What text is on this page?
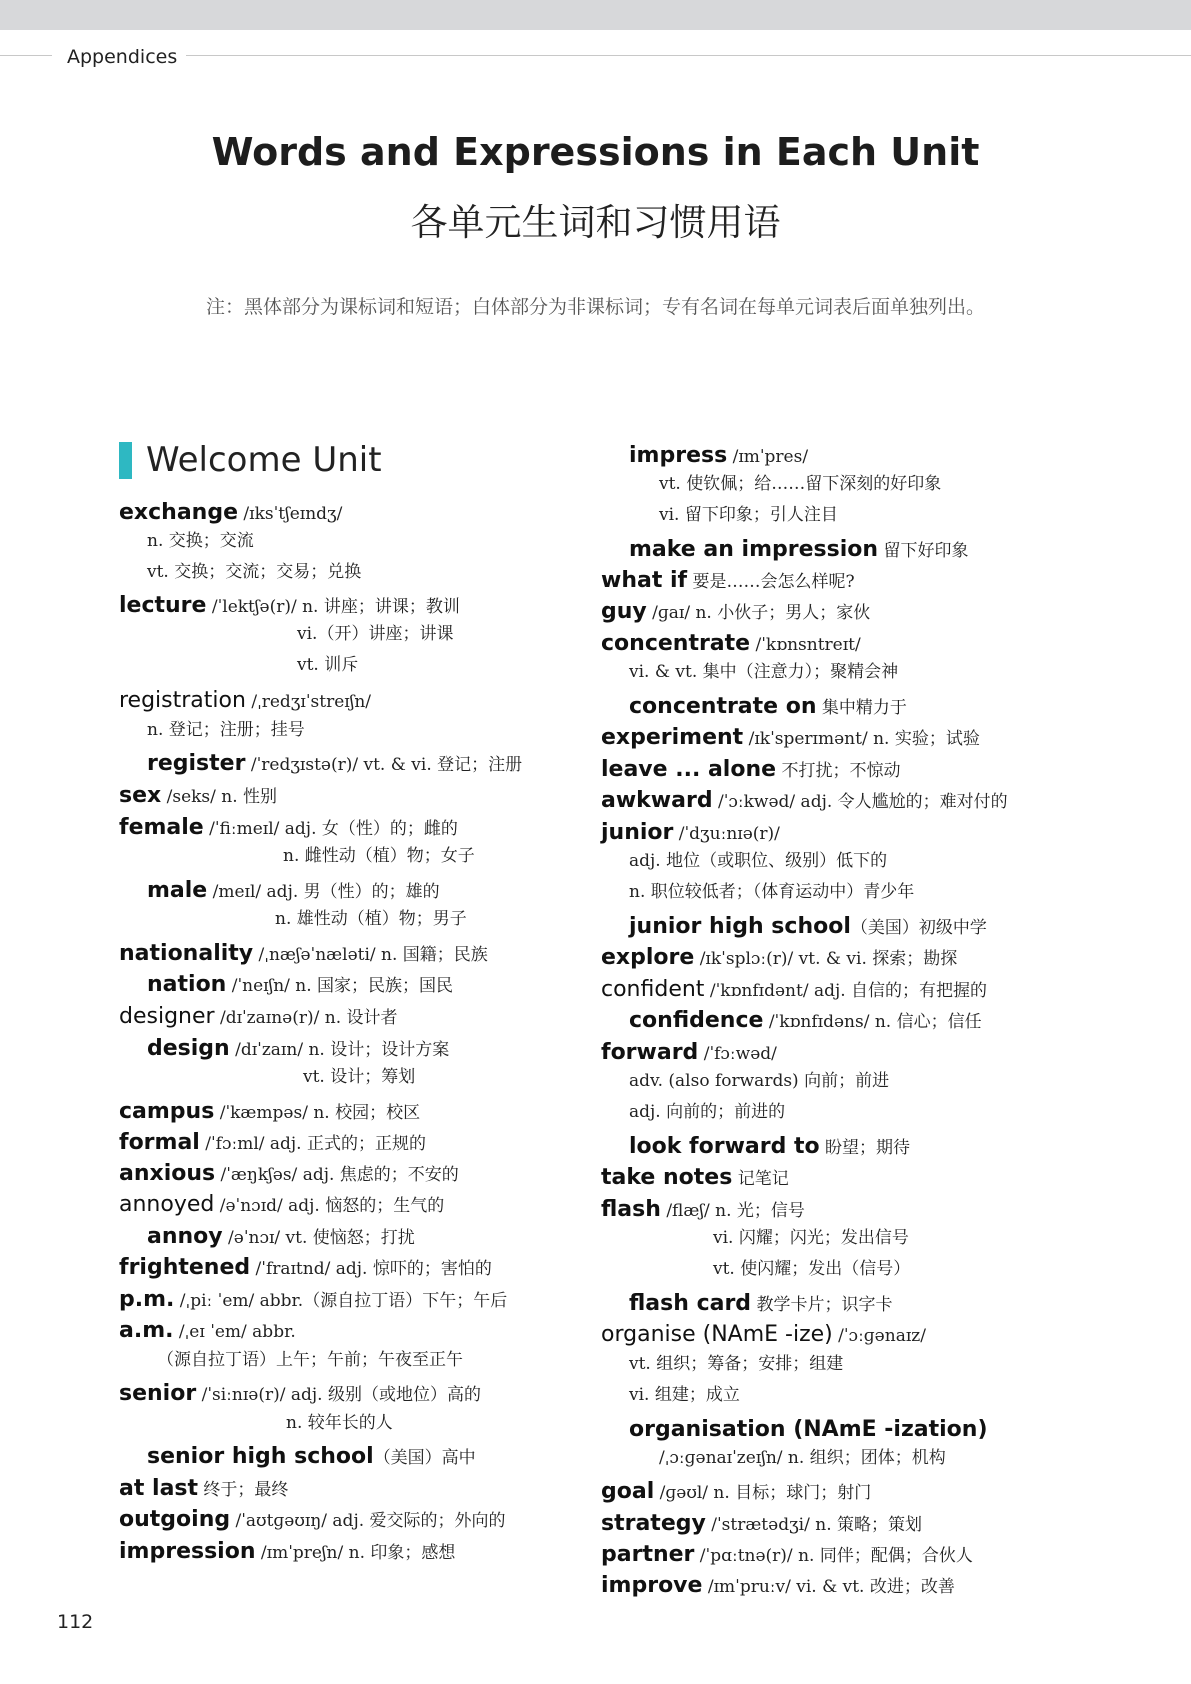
Appendices
Words and Expressions in Each Unit
各单元生词和习惯用语
注：黑体部分为课标词和短语；白体部分为非课标词；专有名词在每单元词表后面单独列出。
Welcome Unit
exchange /ɪksˈtʃeɪndʒ/
n. 交换；交流
vt. 交换；交流；交易；兑换
lecture /ˈlektʃə(r)/ n. 讲座；讲课；教训
vi.（开）讲座；讲课
vt. 训斥
registration /ˌredʒɪˈstreɪʃn/
n. 登记；注册；挂号
register /ˈredʒɪstə(r)/ vt. & vi. 登记；注册
sex /seks/ n. 性别
female /ˈfiːmeɪl/ adj. 女（性）的；雌的
n. 雌性动（植）物；女子
male /meɪl/ adj. 男（性）的；雄的
n. 雄性动（植）物；男子
nationality /ˌnæʃəˈnæləti/ n. 国籍；民族
nation /ˈneɪʃn/ n. 国家；民族；国民
designer /dɪˈzaɪnə(r)/ n. 设计者
design /dɪˈzaɪn/ n. 设计；设计方案
vt. 设计；筹划
campus /ˈkæmpəs/ n. 校园；校区
formal /ˈfɔːml/ adj. 正式的；正规的
anxious /ˈæŋkʃəs/ adj. 焦虑的；不安的
annoyed /əˈnɔɪd/ adj. 恼怒的；生气的
annoy /əˈnɔɪ/ vt. 使恼怒；打扰
frightened /ˈfraɪtnd/ adj. 惊吓的；害怕的
p.m. /ˌpiː ˈem/ abbr.（源自拉丁语）下午；午后
a.m. /ˌeɪ ˈem/ abbr.
（源自拉丁语）上午；午前；午夜至正午
senior /ˈsiːnɪə(r)/ adj. 级别（或地位）高的
n. 较年长的人
senior high school（美国）高中
at last 终于；最终
outgoing /ˈaʊtɡəʊɪŋ/ adj. 爱交际的；外向的
impression /ɪmˈpreʃn/ n. 印象；感想
impress /ɪmˈpres/
vt. 使钦佩；给……留下深刻的好印象
vi. 留下印象；引人注目
make an impression 留下好印象
what if 要是……会怎么样呢?
guy /ɡaɪ/ n. 小伙子；男人；家伙
concentrate /ˈkɒnsntreɪt/
vi. & vt. 集中（注意力）；聚精会神
concentrate on 集中精力于
experiment /ɪkˈsperɪmənt/ n. 实验；试验
leave ... alone 不打扰；不惊动
awkward /ˈɔːkwəd/ adj. 令人尴尬的；难对付的
junior /ˈdʒuːnɪə(r)/
adj. 地位（或职位、级别）低下的
n. 职位较低者；（体育运动中）青少年
junior high school（美国）初级中学
explore /ɪkˈsplɔː(r)/ vt. & vi. 探索；勘探
confident /ˈkɒnfɪdənt/ adj. 自信的；有把握的
confidence /ˈkɒnfɪdəns/ n. 信心；信任
forward /ˈfɔːwəd/
adv. (also forwards) 向前；前进
adj. 向前的；前进的
look forward to 盼望；期待
take notes 记笔记
flash /flæʃ/ n. 光；信号
vi. 闪耀；闪光；发出信号
vt. 使闪耀；发出（信号）
flash card 教学卡片；识字卡
organise (NAmE -ize) /ˈɔːɡənaɪz/
vt. 组织；筹备；安排；组建
vi. 组建；成立
organisation (NAmE -ization)
/ˌɔːɡənaɪˈzeɪʃn/ n. 组织；团体；机构
goal /ɡəʊl/ n. 目标；球门；射门
strategy /ˈstrætədʒi/ n. 策略；策划
partner /ˈpɑːtnə(r)/ n. 同伴；配偶；合伙人
improve /ɪmˈpruːv/ vi. & vt. 改进；改善
112
